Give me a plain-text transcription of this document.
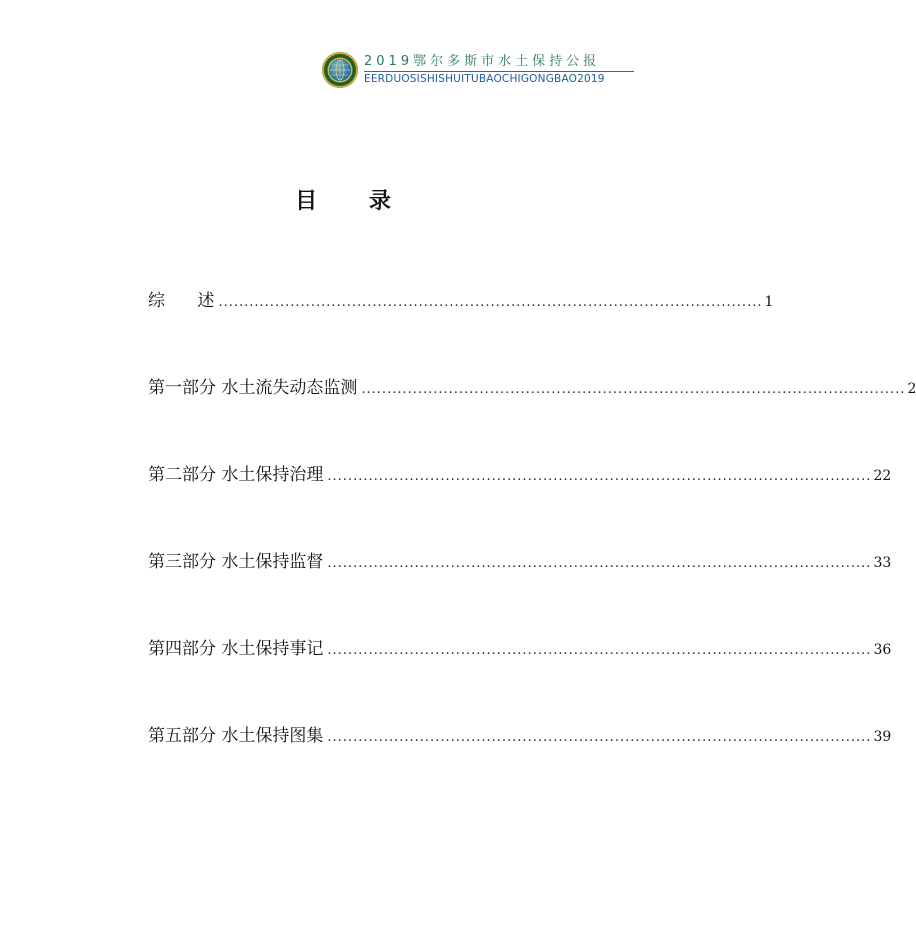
2019鄂尔多斯市水土保持公报
EERDUOSISHISHUITUBAOCHIGONGBAO2019
目 录
综      述 .......................................................................................................... 1
第一部分 水土流失动态监测 .......................................................................................................... 2
第二部分 水土保持治理 .......................................................................................................... 22
第三部分 水土保持监督 .......................................................................................................... 33
第四部分 水土保持事记 .......................................................................................................... 36
第五部分 水土保持图集 .......................................................................................................... 39
